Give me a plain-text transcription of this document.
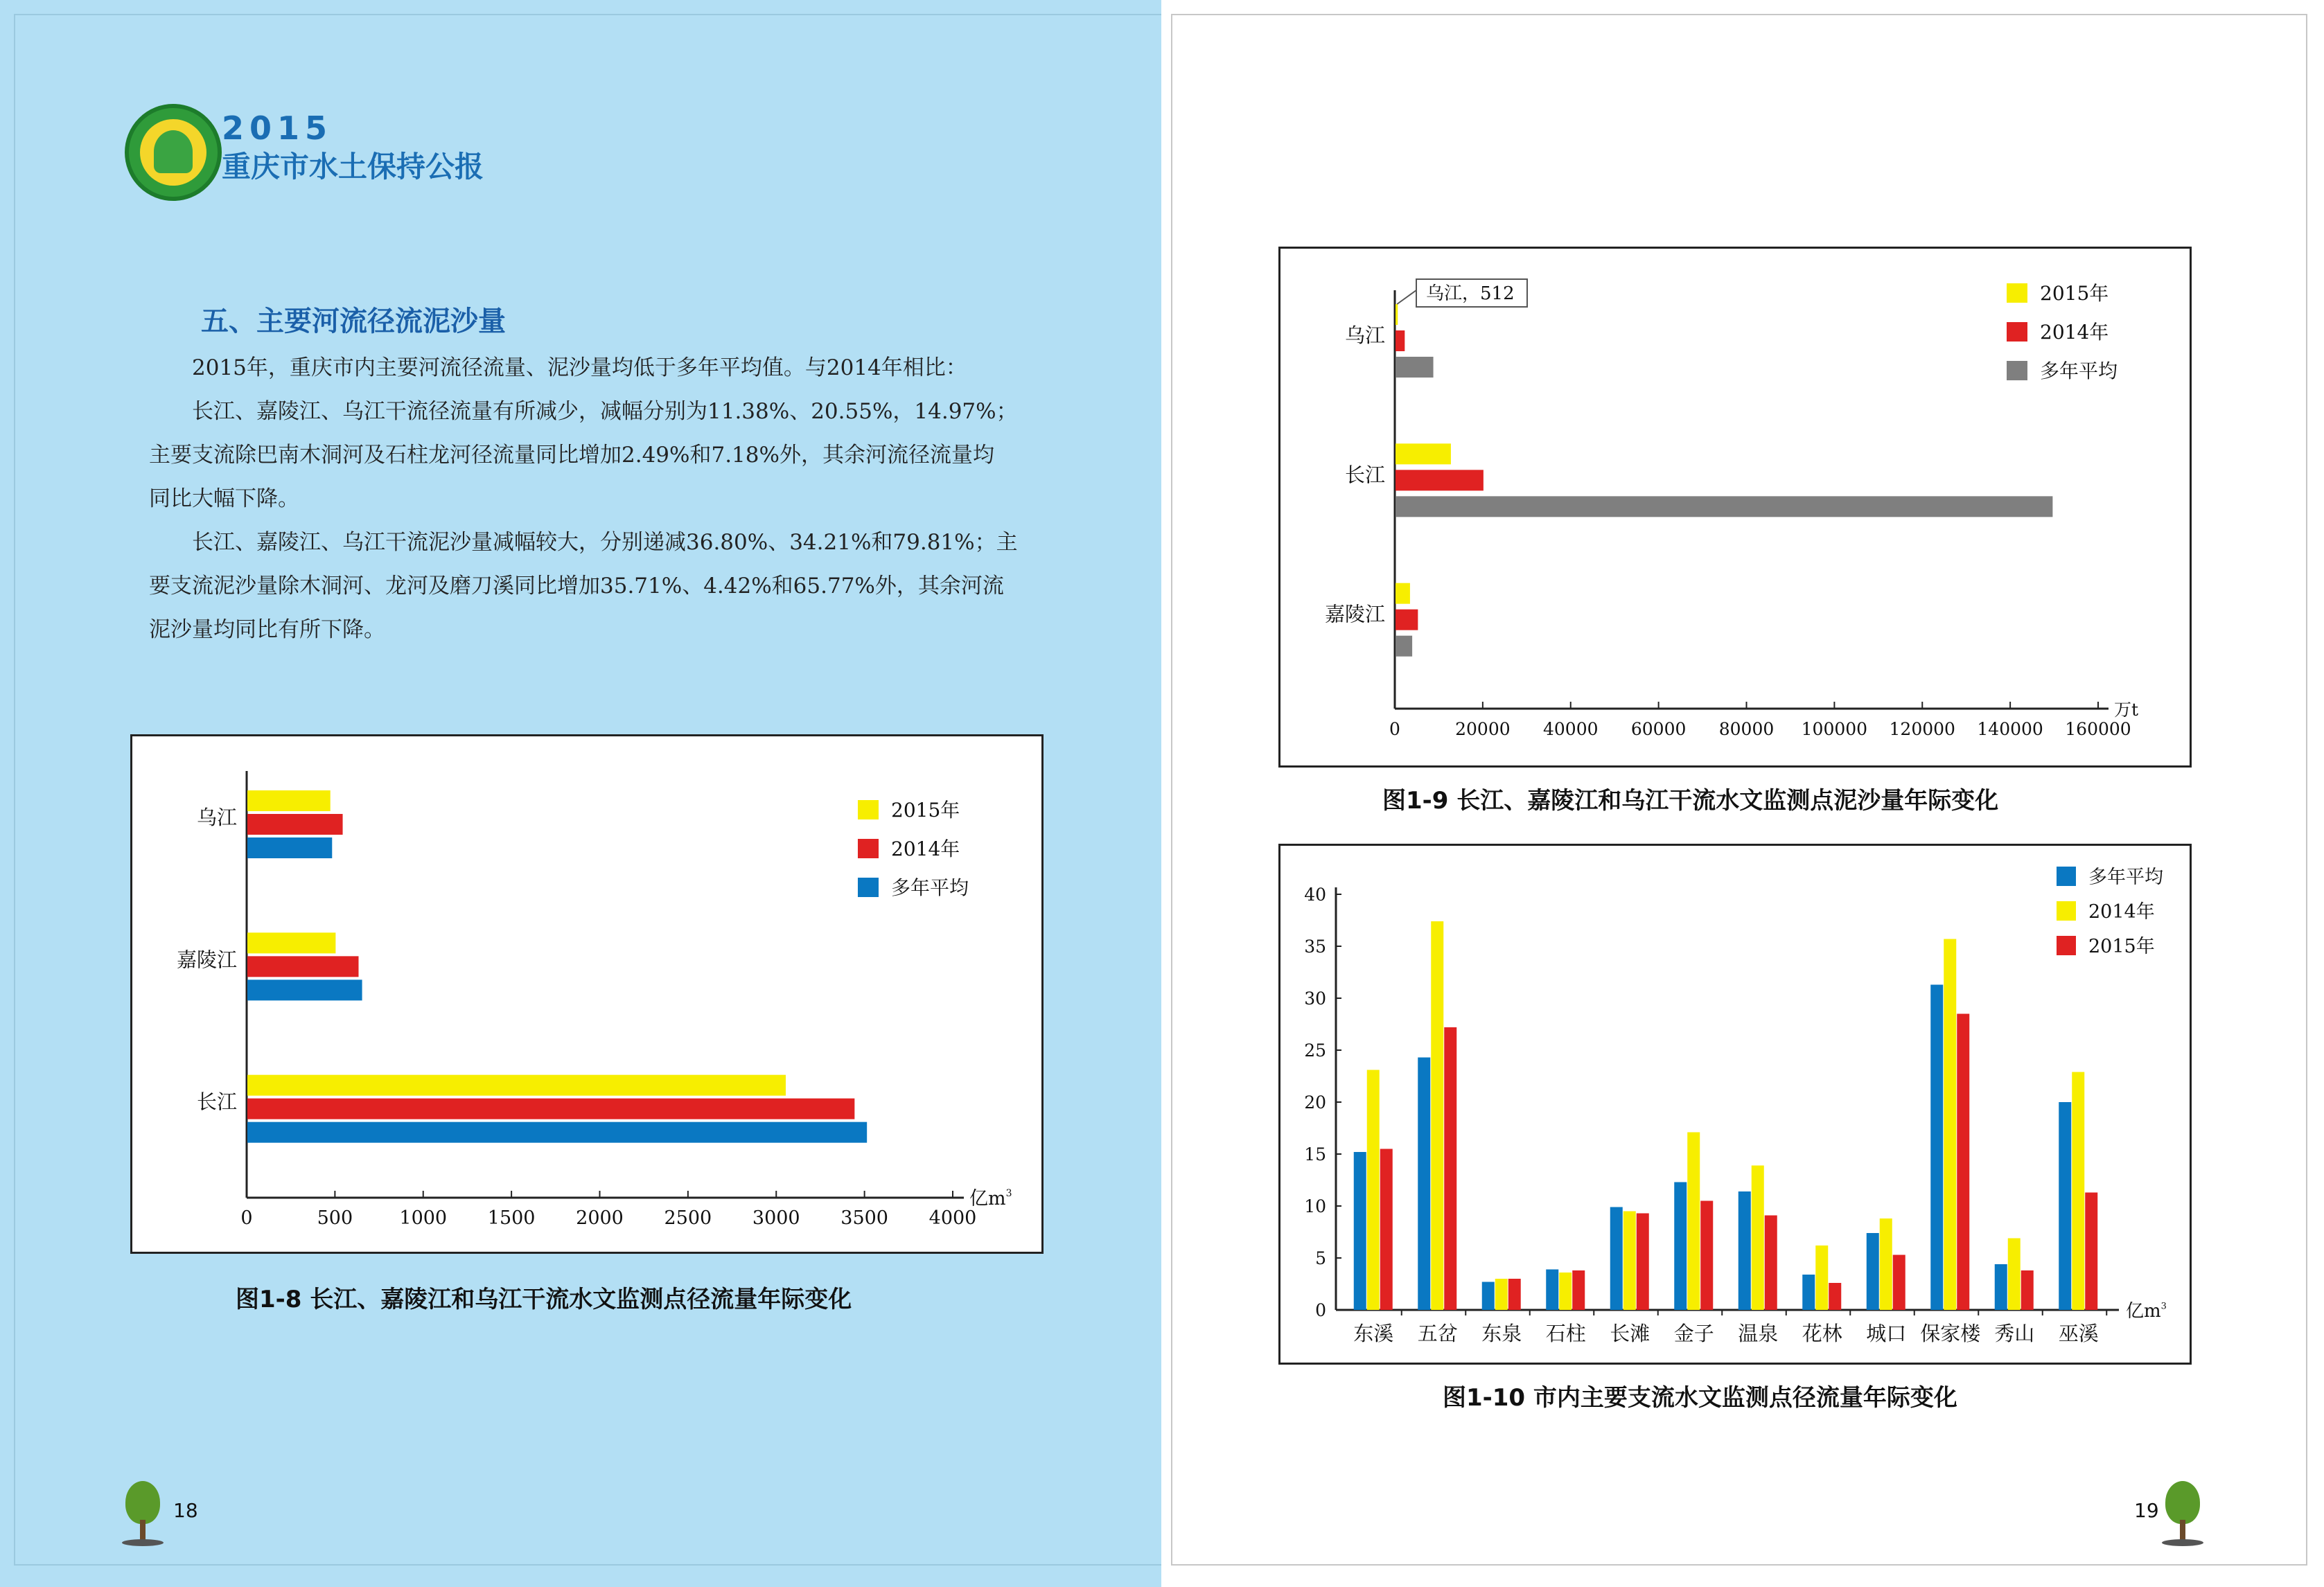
2015
重庆市水土保持公报
五、主要河流径流泥沙量
2015年，重庆市内主要河流径流量、泥沙量均低于多年平均值。与2014年相比：
长江、嘉陵江、乌江干流径流量有所减少，减幅分别为11.38%、20.55%，14.97%；
主要支流除巴南木洞河及石柱龙河径流量同比增加2.49%和7.18%外，其余河流径流量均
同比大幅下降。
长江、嘉陵江、乌江干流泥沙量减幅较大，分别递减36.80%、34.21%和79.81%；主
要支流泥沙量除木洞河、龙河及磨刀溪同比增加35.71%、4.42%和65.77%外，其余河流
泥沙量均同比有所下降。
0	500 1000 1500 2000 2500 3000 3500 4000
亿$m^3$
乌江
嘉陵江
长江
2015年
2014年
多年平均
图1-8 长江、嘉陵江和乌江干流水文监测点径流量年际变化
0	20000 40000 60000 80000 100000 120000 140000 160000
万t
乌江
长江
嘉陵江
2015年
2014年
多年平均
乌江，512
图1-9 长江、嘉陵江和乌江干流水文监测点泥沙量年际变化
0
5
10
15
20
25
30
35
40
亿$m^3$
东溪 五岔 东泉 石柱 长滩 金子 温泉 花林 城口 保家楼 秀山 巫溪
多年平均
2014年
2015年
图1-10 市内主要支流水文监测点径流量年际变化
18	19
